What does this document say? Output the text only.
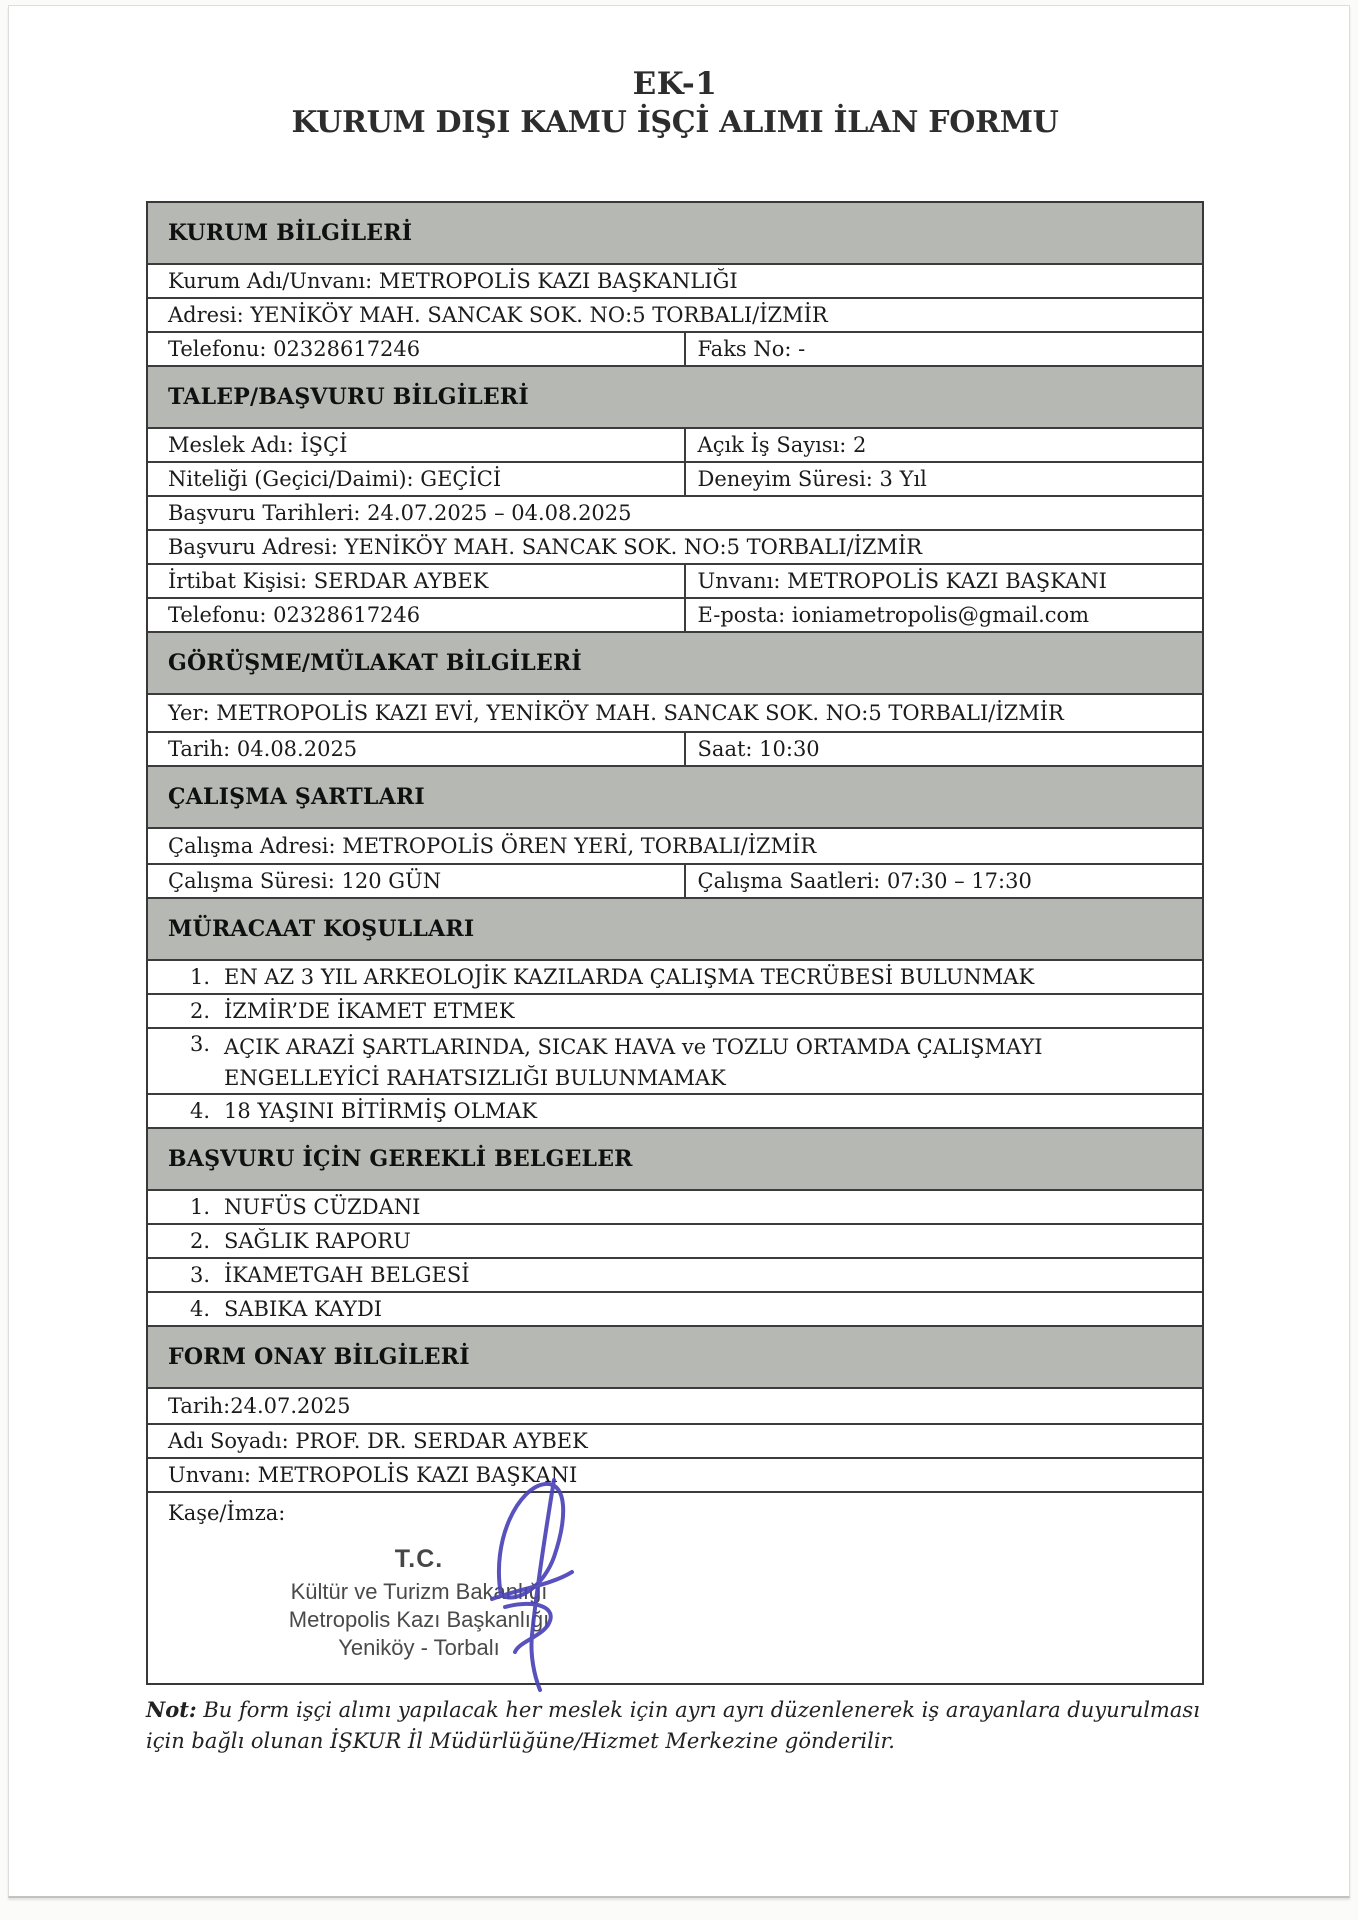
EK-1
KURUM DIŞI KAMU İŞÇİ ALIMI İLAN FORMU
KURUM BİLGİLERİ
Kurum Adı/Unvanı: METROPOLİS KAZI BAŞKANLIĞI
Adresi: YENİKÖY MAH. SANCAK SOK. NO:5 TORBALI/İZMİR
Telefonu: 02328617246	Faks No: -
TALEP/BAŞVURU BİLGİLERİ
Meslek Adı: İŞÇİ	Açık İş Sayısı: 2
Niteliği (Geçici/Daimi): GEÇİCİ	Deneyim Süresi: 3 Yıl
Başvuru Tarihleri: 24.07.2025 – 04.08.2025
Başvuru Adresi: YENİKÖY MAH. SANCAK SOK. NO:5 TORBALI/İZMİR
İrtibat Kişisi: SERDAR AYBEK	Unvanı: METROPOLİS KAZI BAŞKANI
Telefonu: 02328617246	E-posta: ioniametropolis@gmail.com
GÖRÜŞME/MÜLAKAT BİLGİLERİ
Yer: METROPOLİS KAZI EVİ, YENİKÖY MAH. SANCAK SOK. NO:5 TORBALI/İZMİR
Tarih: 04.08.2025	Saat: 10:30
ÇALIŞMA ŞARTLARI
Çalışma Adresi: METROPOLİS ÖREN YERİ, TORBALI/İZMİR
Çalışma Süresi: 120 GÜN	Çalışma Saatleri: 07:30 – 17:30
MÜRACAAT KOŞULLARI
1. EN AZ 3 YIL ARKEOLOJİK KAZILARDA ÇALIŞMA TECRÜBESİ BULUNMAK
2. İZMİR’DE İKAMET ETMEK
3. AÇIK ARAZİ ŞARTLARINDA, SICAK HAVA ve TOZLU ORTAMDA ÇALIŞMAYI ENGELLEYİCİ RAHATSIZLIĞI BULUNMAMAK
4. 18 YAŞINI BİTİRMİŞ OLMAK
BAŞVURU İÇİN GEREKLİ BELGELER
1. NUFÜS CÜZDANI
2. SAĞLIK RAPORU
3. İKAMETGAH BELGESİ
4. SABIKA KAYDI
FORM ONAY BİLGİLERİ
Tarih:24.07.2025
Adı Soyadı: PROF. DR. SERDAR AYBEK
Unvanı: METROPOLİS KAZI BAŞKANI
Kaşe/İmza:
T.C.
Kültür ve Turizm Bakanlığı
Metropolis Kazı Başkanlığı
Yeniköy - Torbalı
Not: Bu form işçi alımı yapılacak her meslek için ayrı ayrı düzenlenerek iş arayanlara duyurulması için bağlı olunan İŞKUR İl Müdürlüğüne/Hizmet Merkezine gönderilir.
